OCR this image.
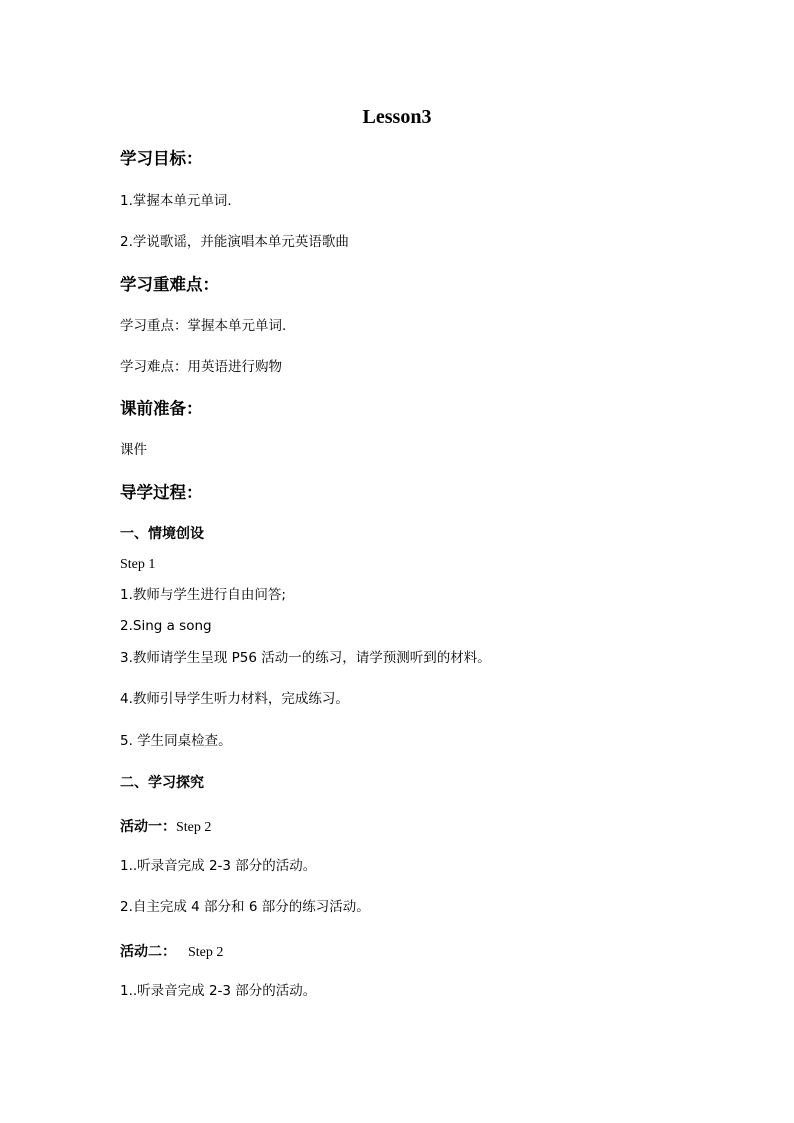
Lesson3
学习目标：
1.掌握本单元单词.
2.学说歌谣，并能演唱本单元英语歌曲
学习重难点：
学习重点：掌握本单元单词.
学习难点：用英语进行购物
课前准备：
课件
导学过程：
一、情境创设
Step 1
1.教师与学生进行自由问答;
2.Sing a song
3.教师请学生呈现 P56 活动一的练习，请学预测听到的材料。
4.教师引导学生听力材料，完成练习。
5. 学生同桌检查。
二、学习探究
活动一：Step 2
1..听录音完成 2-3 部分的活动。
2.自主完成 4 部分和 6 部分的练习活动。
活动二： Step 2
1..听录音完成 2-3 部分的活动。
